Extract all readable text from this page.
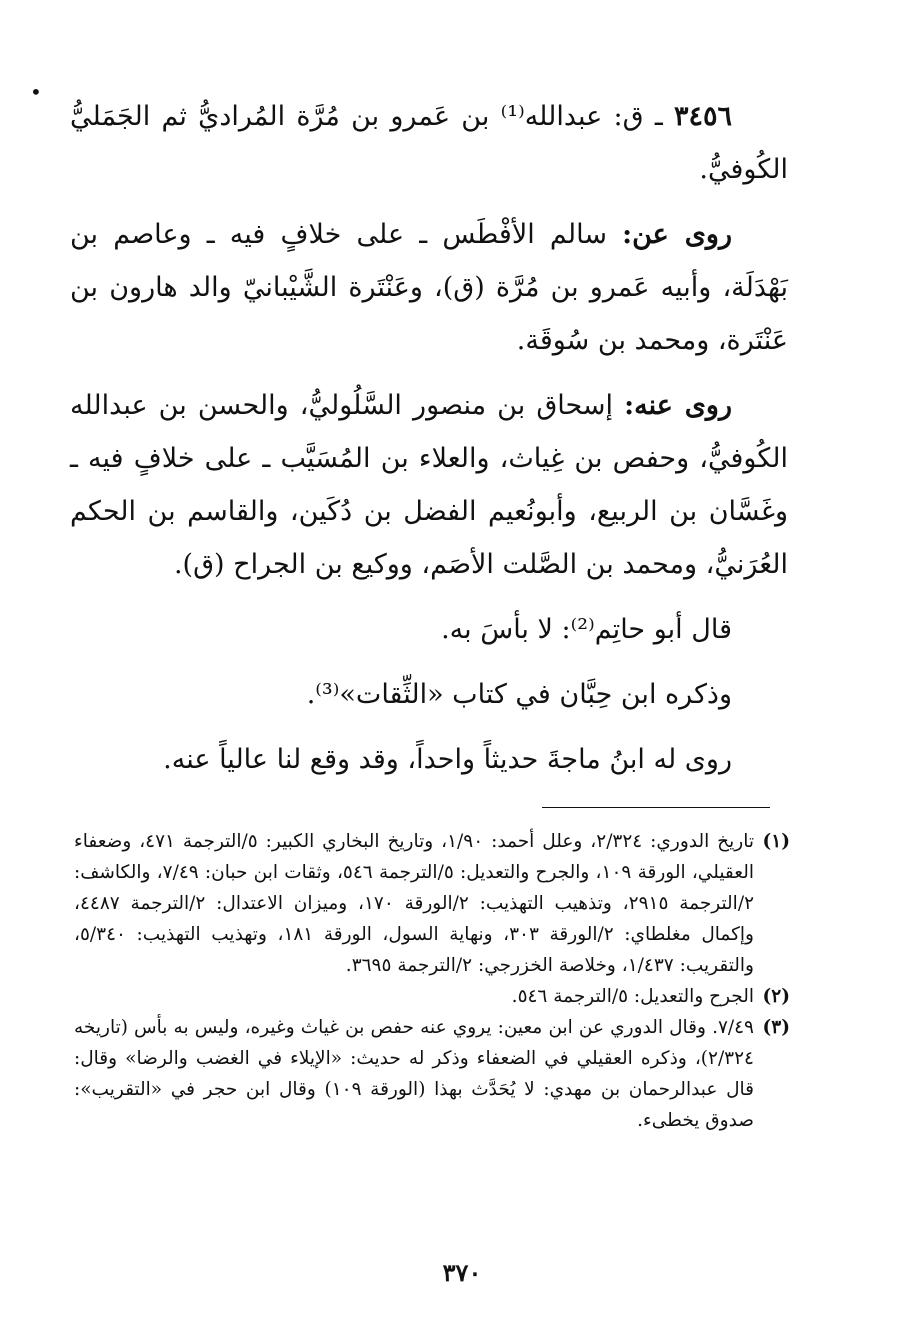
٣٤٥٦ ـ ق: عبدالله⁽¹⁾ بن عَمرو بن مُرَّة المُراديُّ ثم الجَمَليُّ الكُوفيُّ.

روى عن: سالم الأفْطَس ـ على خلافٍ فيه ـ وعاصم بن بَهْدَلَة، وأبيه عَمرو بن مُرَّة (ق)، وعَنْتَرة الشَّيْبانيّ والد هارون بن عَنْتَرة، ومحمد بن سُوقَة.

روى عنه: إسحاق بن منصور السَّلُوليُّ، والحسن بن عبدالله الكُوفيُّ، وحفص بن غِياث، والعلاء بن المُسَيَّب ـ على خلافٍ فيه ـ وغَسَّان بن الربيع، وأبونُعيم الفضل بن دُكَين، والقاسم بن الحكم العُرَنيُّ، ومحمد بن الصَّلت الأصَم، ووكيع بن الجراح (ق).

قال أبو حاتِم⁽²⁾: لا بأسَ به.

وذكره ابن حِبَّان في كتاب «الثِّقات»⁽³⁾.

روى له ابنُ ماجةَ حديثاً واحداً، وقد وقع لنا عالياً عنه.

•
(١)
تاريخ الدوري: ٢/٣٢٤، وعلل أحمد: ١/٩٠، وتاريخ البخاري الكبير: ٥/الترجمة ٤٧١، وضعفاء العقيلي، الورقة ١٠٩، والجرح والتعديل: ٥/الترجمة ٥٤٦، وثقات ابن حبان: ٧/٤٩، والكاشف: ٢/الترجمة ٢٩١٥، وتذهيب التهذيب: ٢/الورقة ١٧٠، وميزان الاعتدال: ٢/الترجمة ٤٤٨٧، وإكمال مغلطاي: ٢/الورقة ٣٠٣، ونهاية السول، الورقة ١٨١، وتهذيب التهذيب: ٥/٣٤٠، والتقريب: ١/٤٣٧، وخلاصة الخزرجي: ٢/الترجمة ٣٦٩٥.
(٢)
الجرح والتعديل: ٥/الترجمة ٥٤٦.
(٣)
٧/٤٩. وقال الدوري عن ابن معين: يروي عنه حفص بن غياث وغيره، وليس به بأس (تاريخه ٢/٣٢٤)، وذكره العقيلي في الضعفاء وذكر له حديث: «الإيلاء في الغضب والرضا» وقال: قال عبدالرحمان بن مهدي: لا يُحَدَّث بهذا (الورقة ١٠٩) وقال ابن حجر في «التقريب»: صدوق يخطىء.
٣٧٠
